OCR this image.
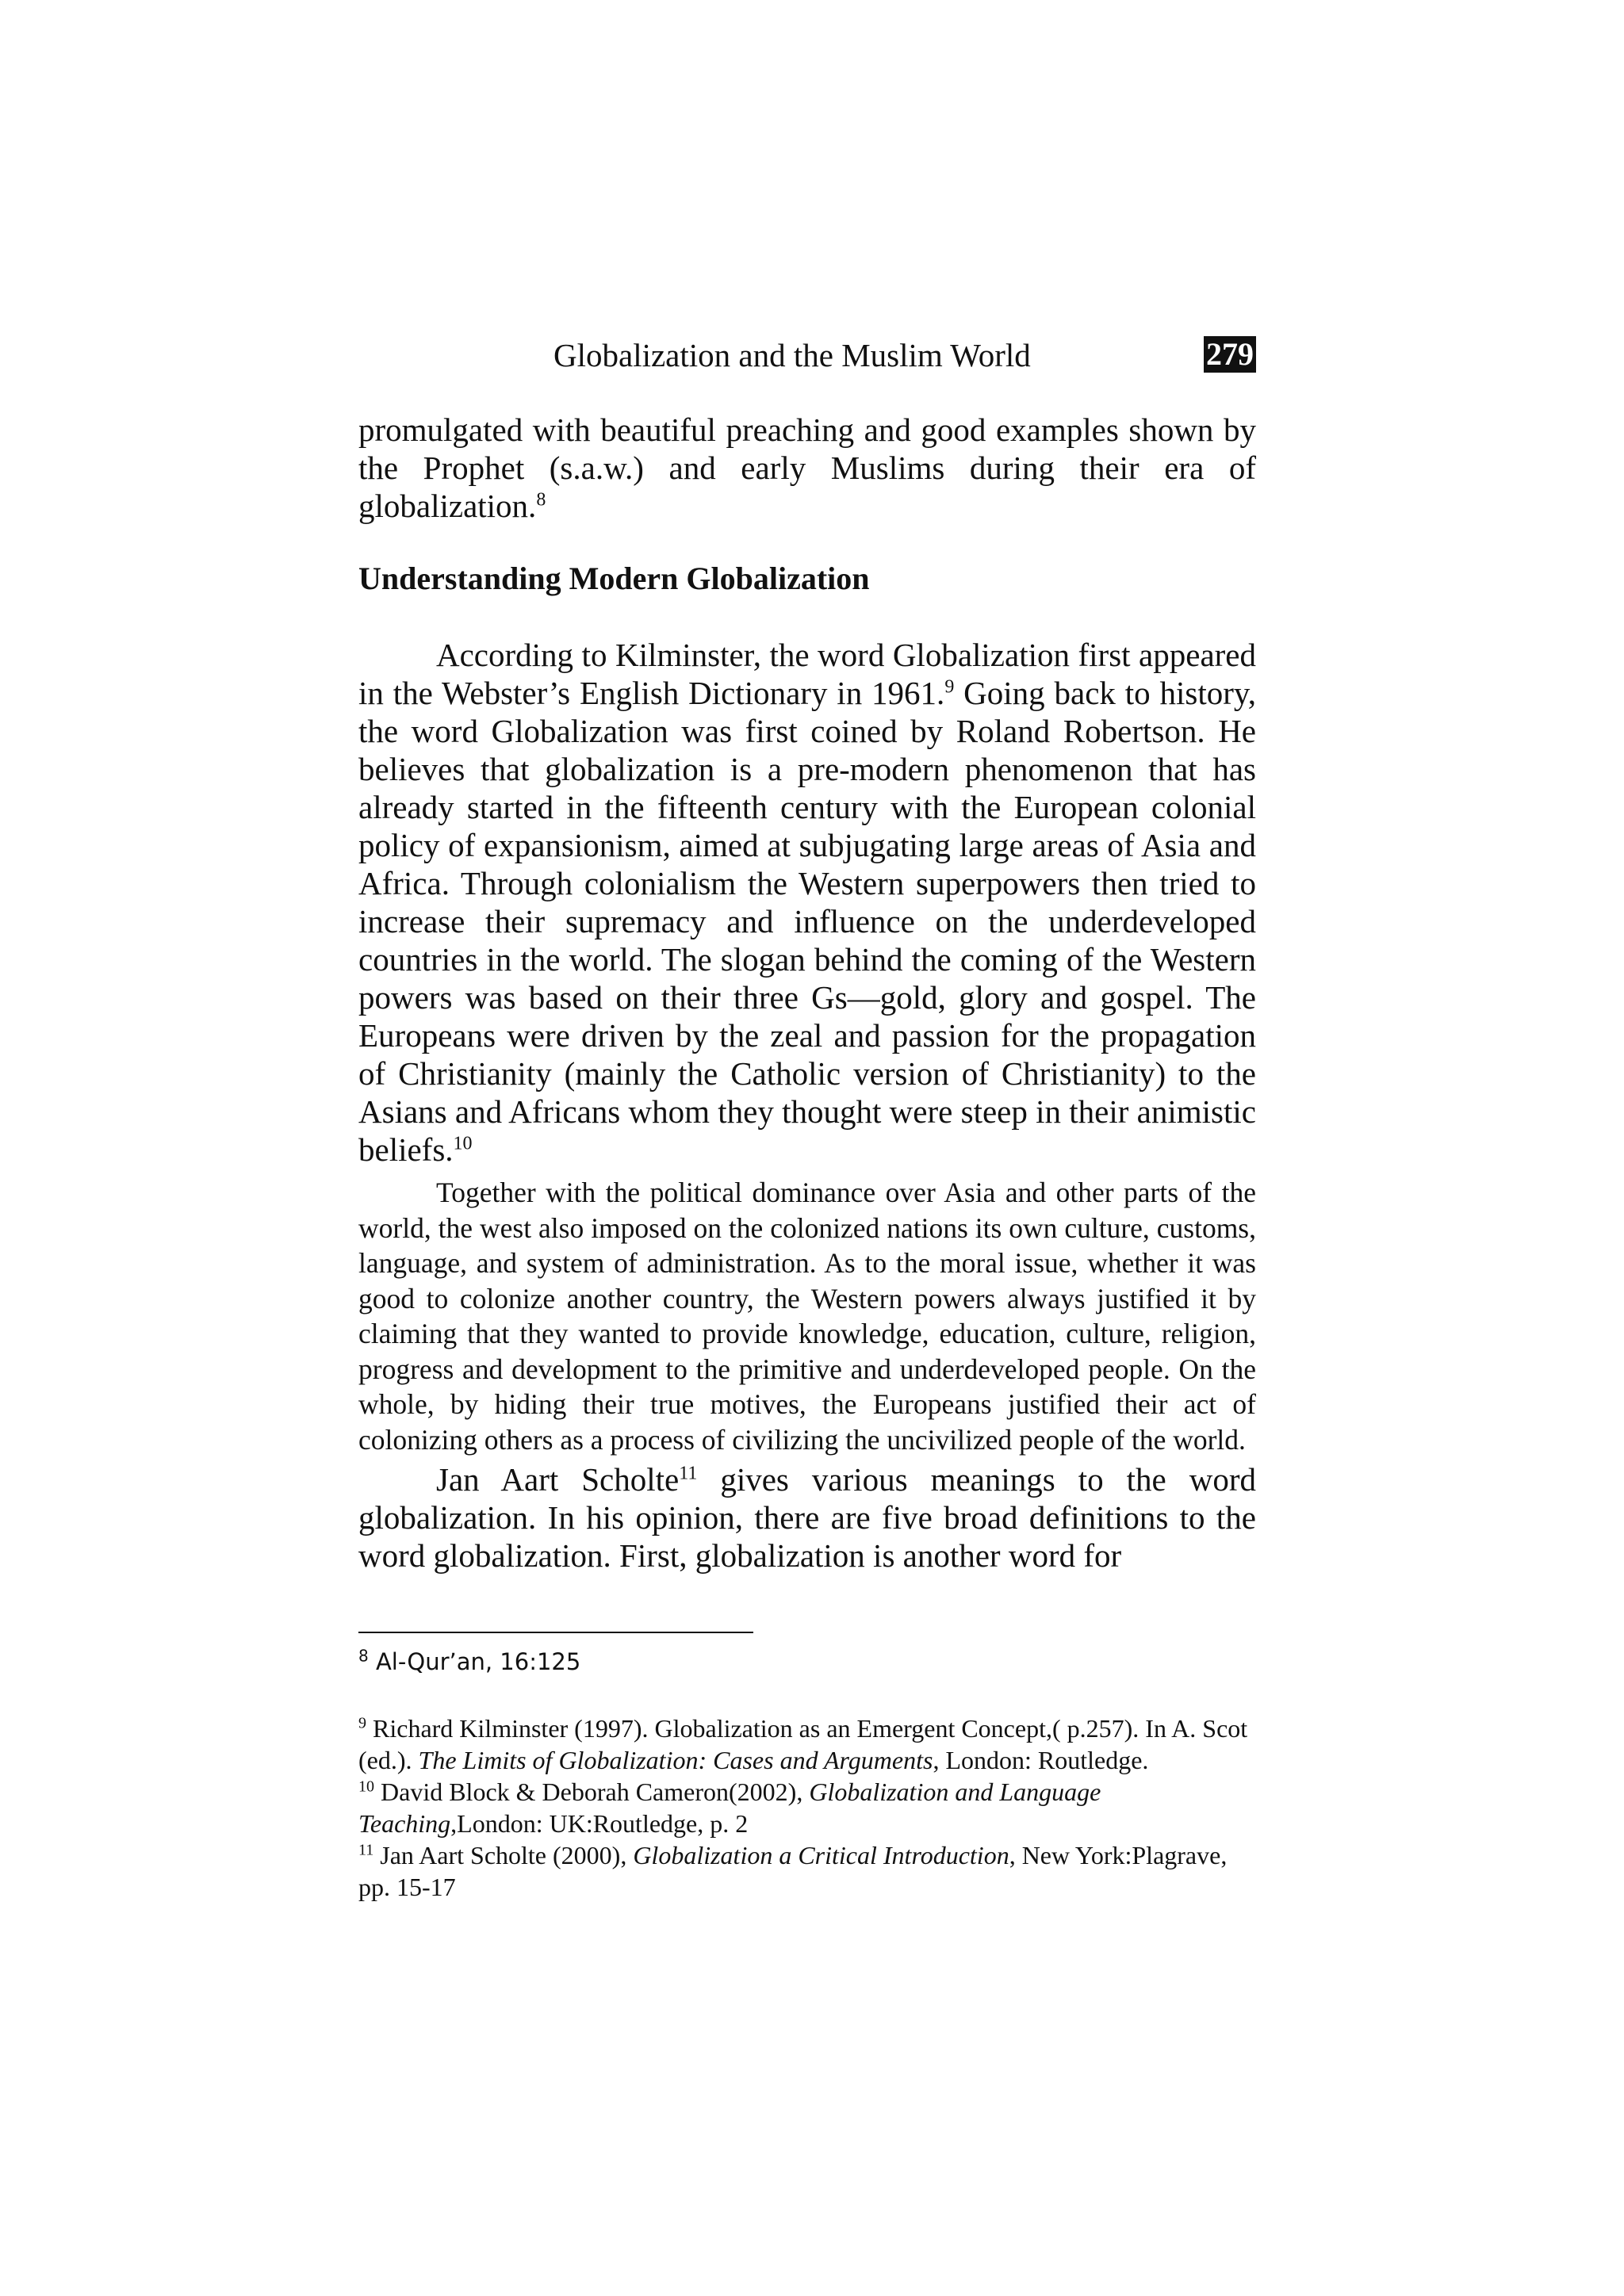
Globalization and the Muslim World	279

promulgated with beautiful preaching and good examples shown by the Prophet (s.a.w.) and early Muslims during their era of globalization.$^8$

Understanding Modern Globalization

According to Kilminster, the word Globalization first appeared in the Webster’s English Dictionary in 1961.$^9$ Going back to history, the word Globalization was first coined by Roland Robertson. He believes that globalization is a pre-modern phenomenon that has already started in the fifteenth century with the European colonial policy of expansionism, aimed at subjugating large areas of Asia and Africa. Through colonialism the Western superpowers then tried to increase their supremacy and influence on the underdeveloped countries in the world. The slogan behind the coming of the Western powers was based on their three Gs—gold, glory and gospel. The Europeans were driven by the zeal and passion for the propagation of Christianity (mainly the Catholic version of Christianity) to the Asians and Africans whom they thought were steep in their animistic beliefs.$^{10}$

Together with the political dominance over Asia and other parts of the world, the west also imposed on the colonized nations its own culture, customs, language, and system of administration. As to the moral issue, whether it was good to colonize another country, the Western powers always justified it by claiming that they wanted to provide knowledge, education, culture, religion, progress and development to the primitive and underdeveloped people. On the whole, by hiding their true motives, the Europeans justified their act of colonizing others as a process of civilizing the uncivilized people of the world.

Jan Aart Scholte$^{11}$ gives various meanings to the word globalization. In his opinion, there are five broad definitions to the word globalization. First, globalization is another word for

$^8$ Al-Qur’an, 16:125

$^9$ Richard Kilminster (1997). Globalization as an Emergent Concept,( p.257). In A. Scot (ed.). The Limits of Globalization: Cases and Arguments, London: Routledge.

$^{10}$ David Block & Deborah Cameron(2002), Globalization and Language Teaching,London: UK:Routledge, p. 2

$^{11}$ Jan Aart Scholte (2000), Globalization a Critical Introduction, New York:Plagrave, pp. 15-17
